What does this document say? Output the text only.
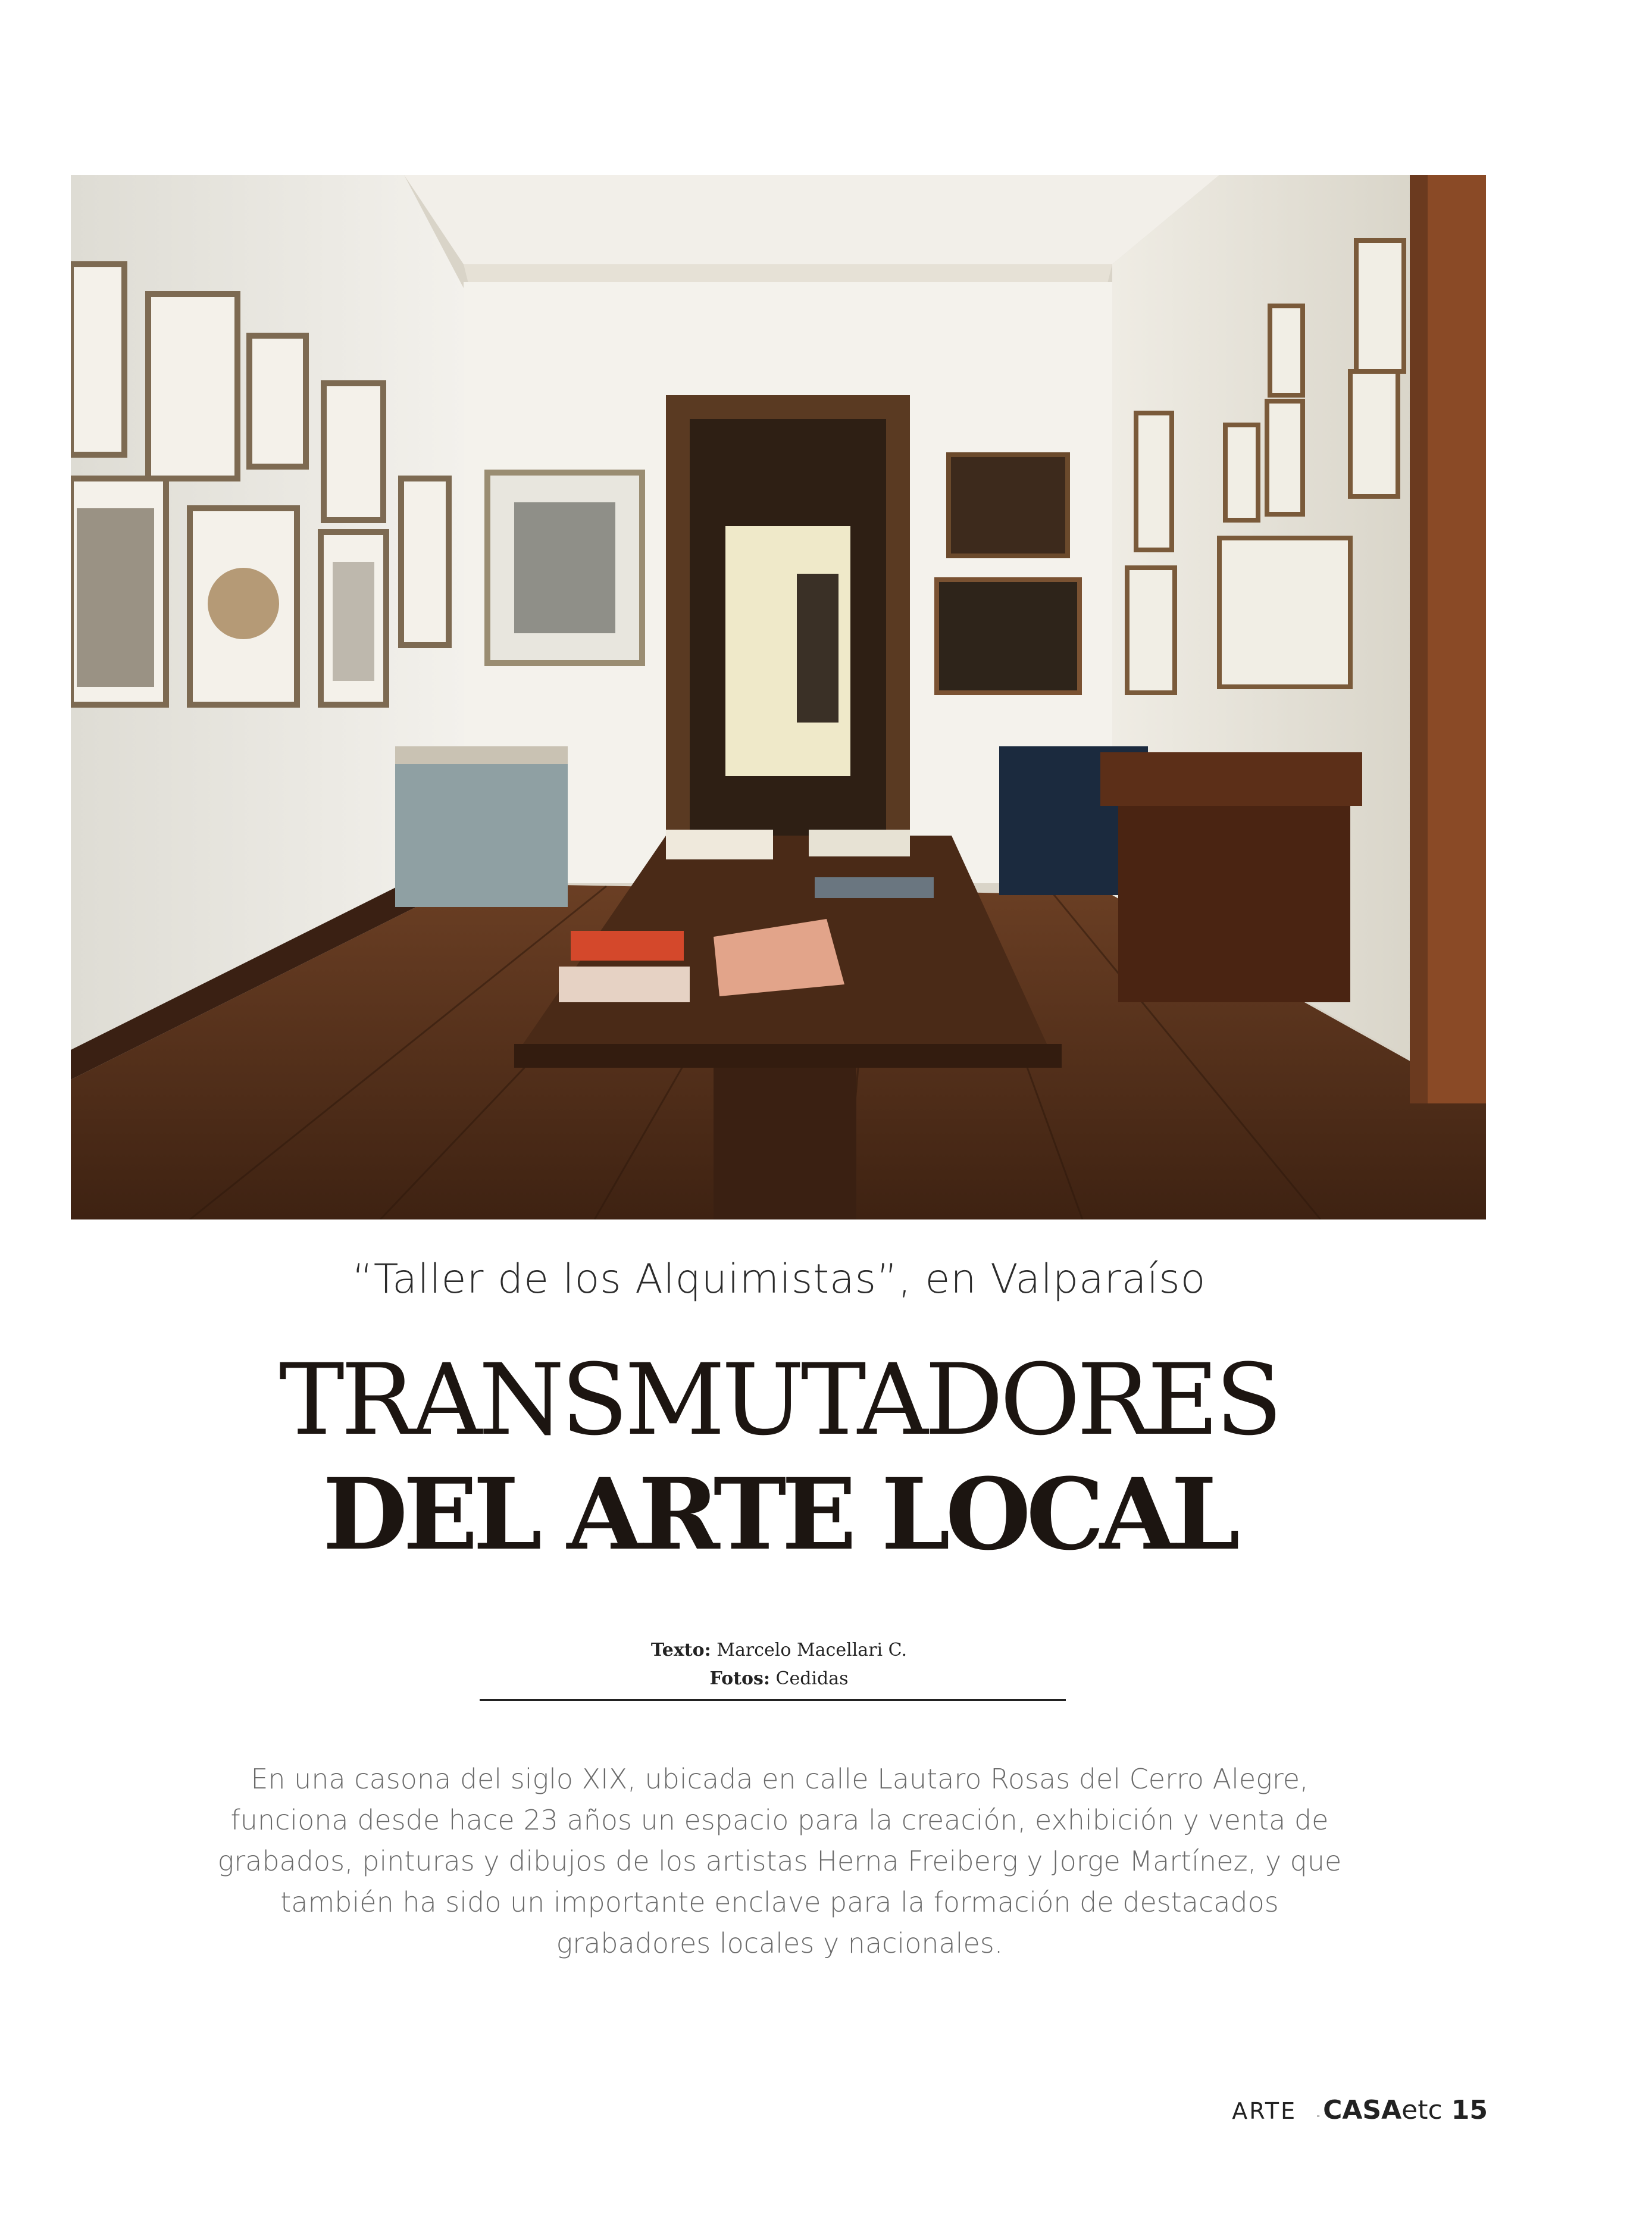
“Taller de los Alquimistas”, en Valparaíso
TRANSMUTADORES
DEL ARTE LOCAL
Texto: Marcelo Macellari C.
Fotos: Cedidas
En una casona del siglo XIX, ubicada en calle Lautaro Rosas del Cerro Alegre, funciona desde hace 23 años un espacio para la creación, exhibición y venta de grabados, pinturas y dibujos de los artistas Herna Freiberg y Jorge Martínez, y que también ha sido un importante enclave para la formación de destacados grabadores locales y nacionales.
ARTE - CASAetc 15
